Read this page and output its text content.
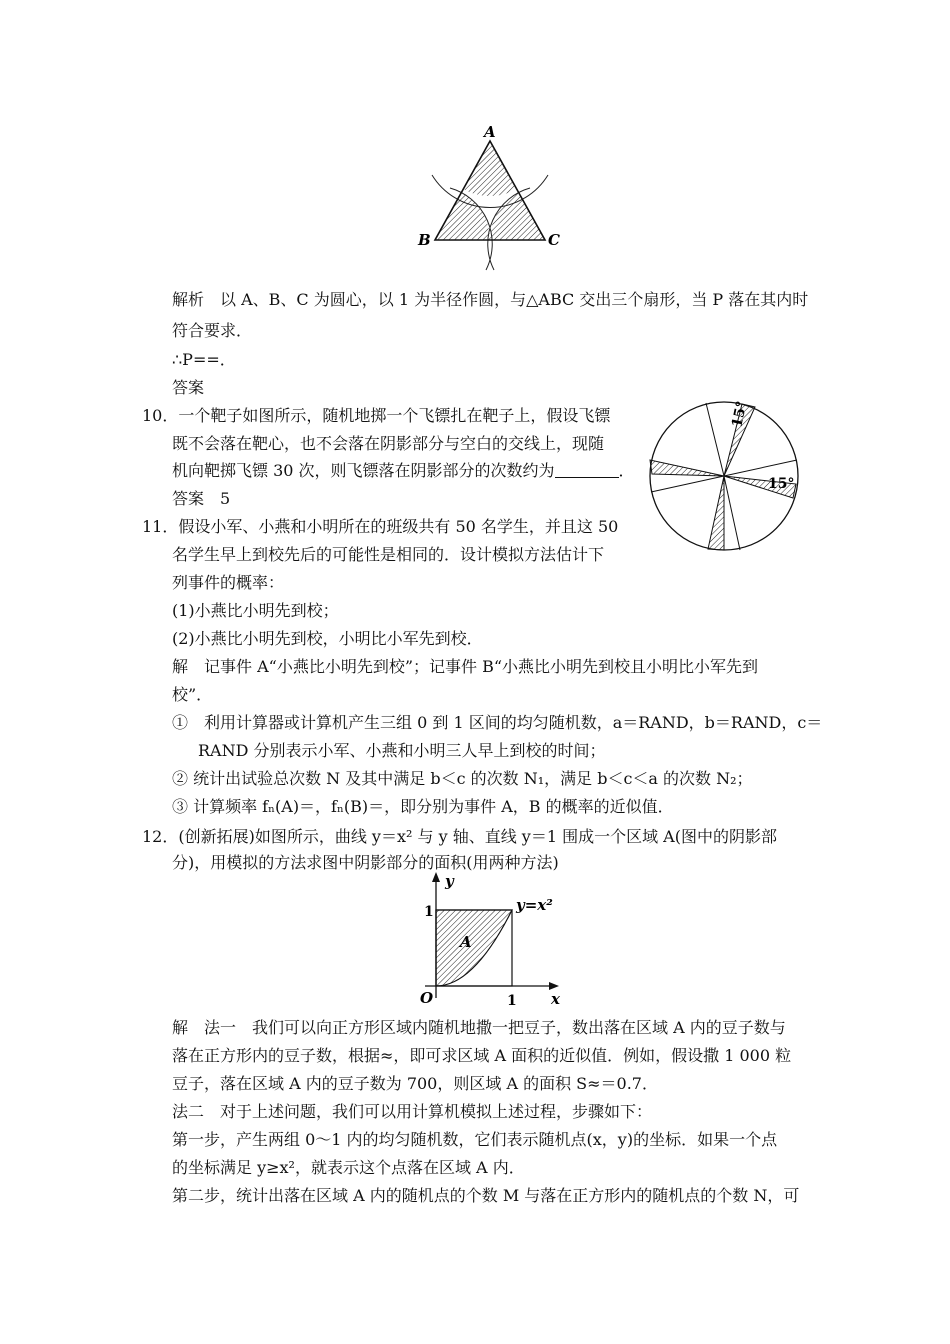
A
B	C
15°
15°
y
x
O	1
1
A
y=x²
解析　以 A、B、C 为圆心，以 1 为半径作圆，与△ABC 交出三个扇形，当 P 落在其内时
符合要求．
∴P==．
答案
10．一个靶子如图所示，随机地掷一个飞镖扎在靶子上，假设飞镖
既不会落在靶心，也不会落在阴影部分与空白的交线上，现随
机向靶掷飞镖 30 次，则飞镖落在阴影部分的次数约为	．
答案　5
11．假设小军、小燕和小明所在的班级共有 50 名学生，并且这 50
名学生早上到校先后的可能性是相同的．设计模拟方法估计下
列事件的概率：
(1)小燕比小明先到校；
(2)小燕比小明先到校，小明比小军先到校．
解　记事件 A“小燕比小明先到校”；记事件 B“小燕比小明先到校且小明比小军先到
校”．
①　利用计算器或计算机产生三组 0 到 1 区间的均匀随机数，a＝RAND，b＝RAND，c＝
RAND 分别表示小军、小燕和小明三人早上到校的时间；
② 统计出试验总次数 N 及其中满足 b＜c 的次数 N₁，满足 b＜c＜a 的次数 N₂；
③ 计算频率 fₙ(A)＝，fₙ(B)＝，即分别为事件 A，B 的概率的近似值．
12．(创新拓展)如图所示，曲线 y＝x² 与 y 轴、直线 y＝1 围成一个区域 A(图中的阴影部
分)，用模拟的方法求图中阴影部分的面积(用两种方法)
解　法一　我们可以向正方形区域内随机地撒一把豆子，数出落在区域 A 内的豆子数与
落在正方形内的豆子数，根据≈，即可求区域 A 面积的近似值．例如，假设撒 1 000 粒
豆子，落在区域 A 内的豆子数为 700，则区域 A 的面积 S≈＝0.7．
法二　对于上述问题，我们可以用计算机模拟上述过程，步骤如下：
第一步，产生两组 0～1 内的均匀随机数，它们表示随机点(x，y)的坐标．如果一个点
的坐标满足 y≥x²，就表示这个点落在区域 A 内．
第二步，统计出落在区域 A 内的随机点的个数 M 与落在正方形内的随机点的个数 N，可
